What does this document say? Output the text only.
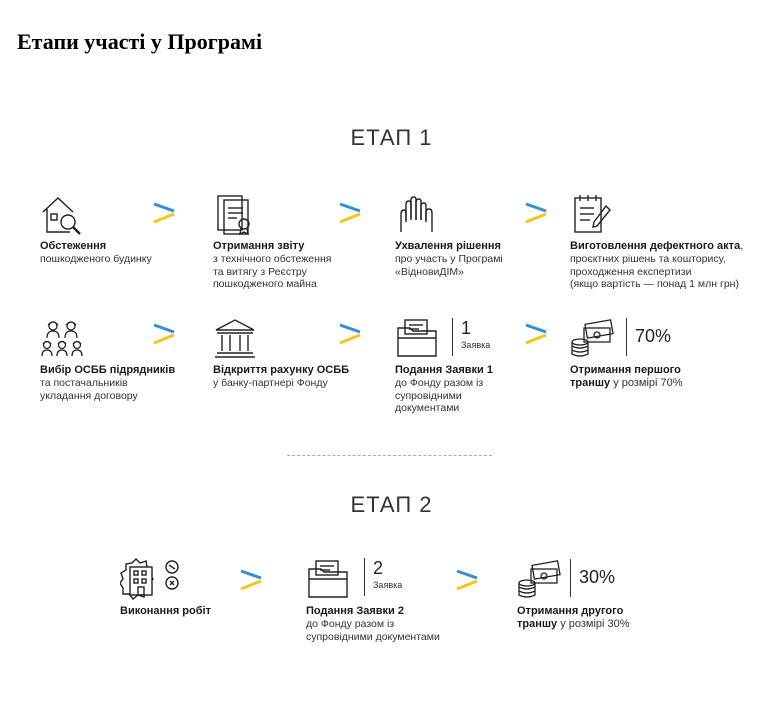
Етапи участі у Програмі
ЕТАП 1
Обстеження
пошкодженого будинку
Отримання звіту
з технічного обстеження
та витягу з Реєстру
пошкодженого майна
Ухвалення рішення
про участь у Програмі
«ВідновиДІМ»
Виготовлення дефектного акта,
проєктних рішень та кошторису,
проходження експертизи
(якщо вартість — понад 1 млн грн)
Вибір ОСББ підрядників
та постачальників
укладання договору
Відкриття рахунку ОСББ
у банку-партнері Фонду
Подання Заявки 1
до Фонду разом із
супровідними
документами
1
Заявка
Отримання першого
траншу у розмірі 70%
70%
ЕТАП 2
Виконання робіт	Подання Заявки 2
до Фонду разом із
супровідними документами
2
Заявка
Отримання другого
траншу у розмірі 30%
30%
